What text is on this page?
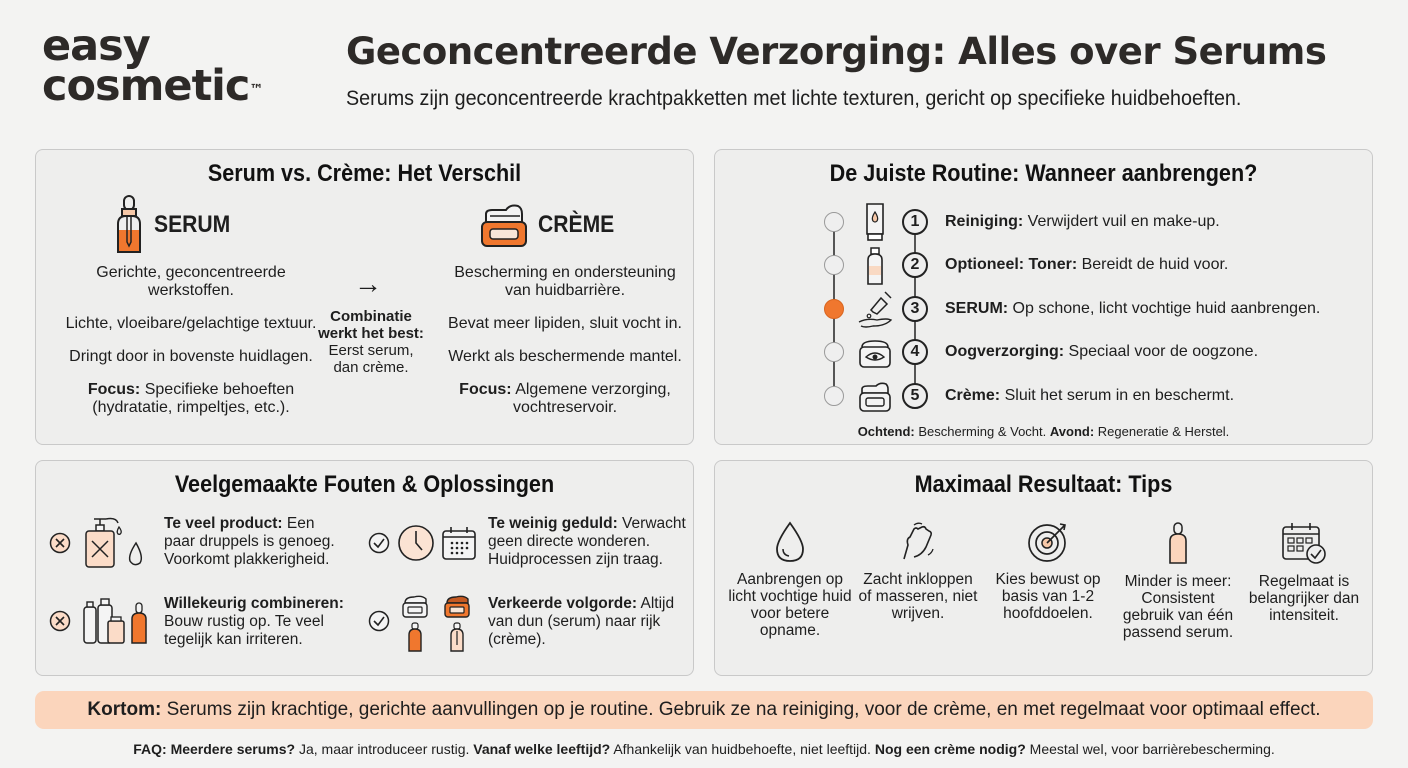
easy
cosmetic™
Geconcentreerde Verzorging: Alles over Serums
Serums zijn geconcentreerde krachtpakketten met lichte texturen, gericht op specifieke huidbehoeften.
Serum vs. Crème: Het Verschil
SERUM

Gerichte, geconcentreerde werkstoffen.

Lichte, vloeibare/gelachtige textuur.

Dringt door in bovenste huidlagen.

Focus: Specifieke behoeften (hydratatie, rimpeltjes, etc.).

→
Combinatie werkt het best:
Eerst serum, dan crème.
CRÈME

Bescherming en ondersteuning van huidbarrière.

Bevat meer lipiden, sluit vocht in.

Werkt als beschermende mantel.

Focus: Algemene verzorging, vochtreservoir.

De Juiste Routine: Wanneer aanbrengen?
1
2
3
4
5
Reiniging: Verwijdert vuil en make-up.
Optioneel: Toner: Bereidt de huid voor.
SERUM: Op schone, licht vochtige huid aanbrengen.
Oogverzorging: Speciaal voor de oogzone.
Crème: Sluit het serum in en beschermt.
Ochtend: Bescherming & Vocht. Avond: Regeneratie & Herstel.
Veelgemaakte Fouten & Oplossingen
Te veel product: Een paar druppels is genoeg. Voorkomt plakkerigheid.
Willekeurig combineren: Bouw rustig op. Te veel tegelijk kan irriteren.
Te weinig geduld: Verwacht geen directe wonderen. Huidprocessen zijn traag.
Verkeerde volgorde: Altijd van dun (serum) naar rijk (crème).
Maximaal Resultaat: Tips
Aanbrengen op licht vochtige huid voor betere opname.
Zacht inkloppen of masseren, niet wrijven.
Kies bewust op basis van 1-2 hoofddoelen.
Minder is meer: Consistent gebruik van één passend serum.
Regelmaat is belangrijker dan intensiteit.
Kortom: Serums zijn krachtige, gerichte aanvullingen op je routine. Gebruik ze na reiniging, voor de crème, en met regelmaat voor optimaal effect.
FAQ: Meerdere serums? Ja, maar introduceer rustig. Vanaf welke leeftijd? Afhankelijk van huidbehoefte, niet leeftijd. Nog een crème nodig? Meestal wel, voor barrièrebescherming.
